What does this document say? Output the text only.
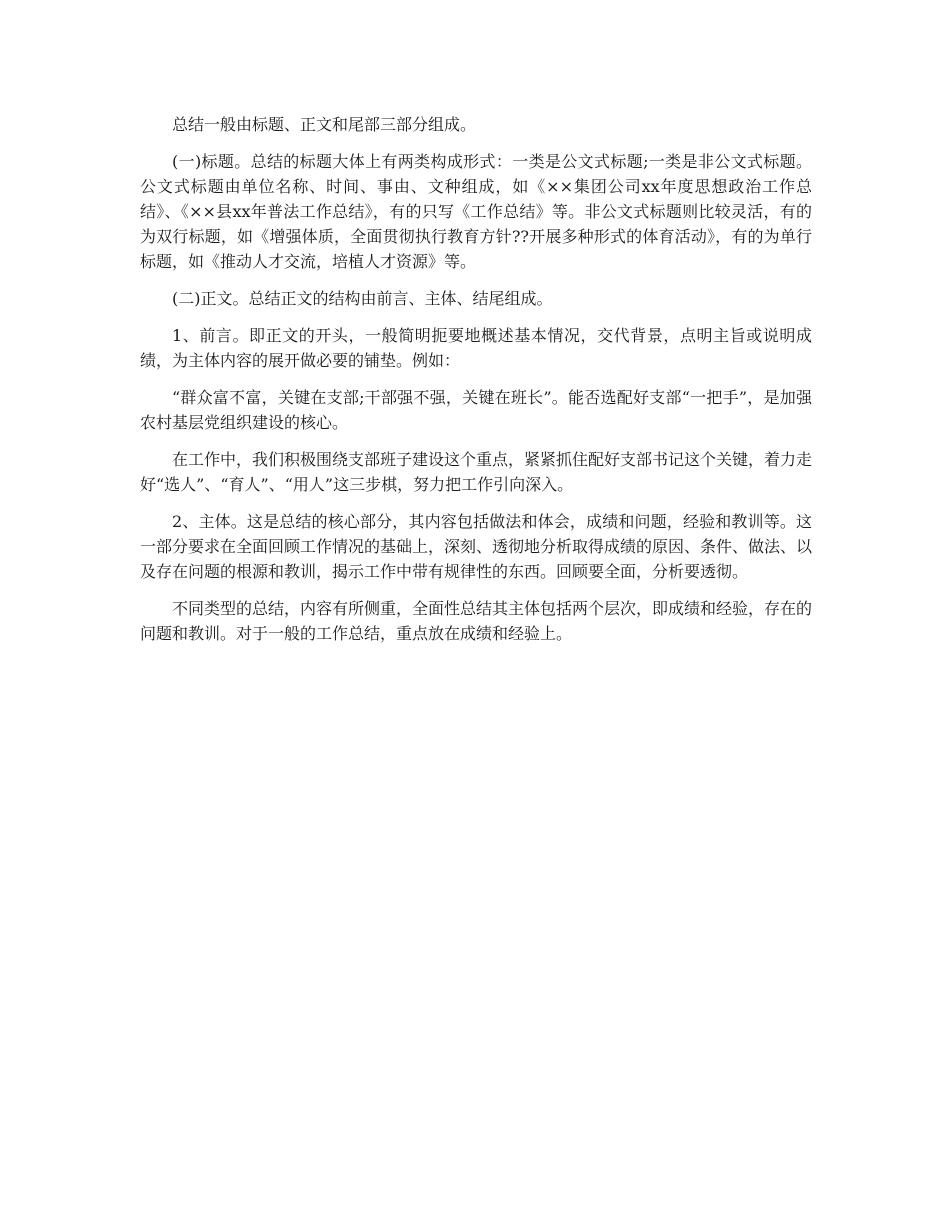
总结一般由标题、正文和尾部三部分组成。

(一)标题。总结的标题大体上有两类构成形式：一类是公文式标题;一类是非公文式标题。公文式标题由单位名称、时间、事由、文种组成，如《××集团公司xx年度思想政治工作总结》、《××县xx年普法工作总结》，有的只写《工作总结》等。非公文式标题则比较灵活，有的为双行标题，如《增强体质，全面贯彻执行教育方针??开展多种形式的体育活动》，有的为单行标题，如《推动人才交流，培植人才资源》等。

(二)正文。总结正文的结构由前言、主体、结尾组成。

1、前言。即正文的开头，一般简明扼要地概述基本情况，交代背景，点明主旨或说明成绩，为主体内容的展开做必要的铺垫。例如：

“群众富不富，关键在支部;干部强不强，关键在班长”。能否选配好支部“一把手”，是加强农村基层党组织建设的核心。

在工作中，我们积极围绕支部班子建设这个重点，紧紧抓住配好支部书记这个关键，着力走好“选人”、“育人”、“用人”这三步棋，努力把工作引向深入。

2、主体。这是总结的核心部分，其内容包括做法和体会，成绩和问题，经验和教训等。这一部分要求在全面回顾工作情况的基础上，深刻、透彻地分析取得成绩的原因、条件、做法、以及存在问题的根源和教训，揭示工作中带有规律性的东西。回顾要全面，分析要透彻。

不同类型的总结，内容有所侧重，全面性总结其主体包括两个层次，即成绩和经验，存在的问题和教训。对于一般的工作总结，重点放在成绩和经验上。
